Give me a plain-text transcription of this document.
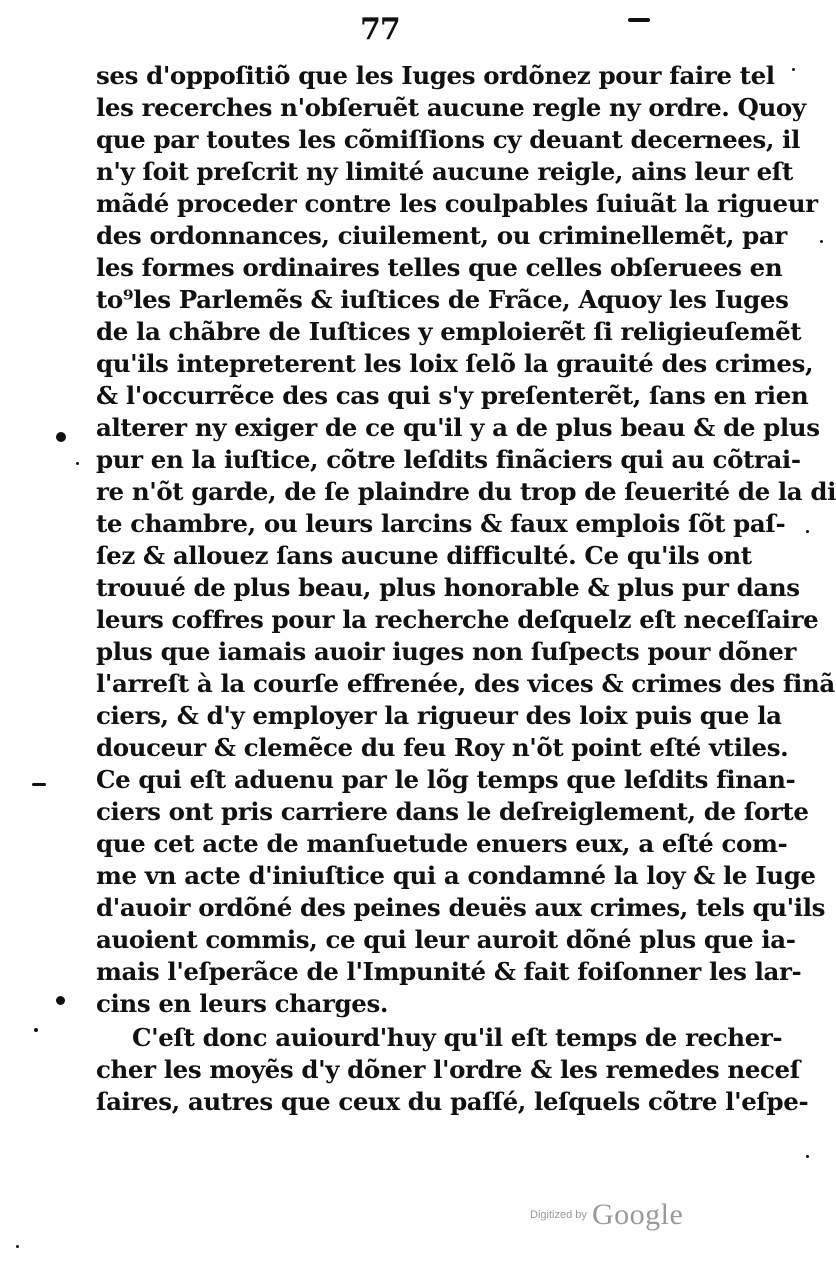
77
ses d'oppoſitiõ que les Iuges ordõnez pour faire tel
les recerches n'obſeruẽt aucune regle ny ordre. Quoy
que par toutes les cõmiſſions cy deuant decernees, il
n'y ſoit preſcrit ny limité aucune reigle, ains leur eſt
mãdé proceder contre les coulpables ſuiuãt la rigueur
des ordonnances, ciuilement, ou criminellemẽt, par
les formes ordinaires telles que celles obſeruees en
to⁹les Parlemẽs & iuſtices de Frãce, Aquoy les Iuges
de la chãbre de Iuſtices y emploierẽt ſi religieuſemẽt
qu'ils intepreterent les loix ſelõ la grauité des crimes,
& l'occurrẽce des cas qui s'y preſenterẽt, ſans en rien
alterer ny exiger de ce qu'il y a de plus beau & de plus
pur en la iuſtice, cõtre leſdits finãciers qui au cõtrai-
re n'õt garde, de ſe plaindre du trop de ſeuerité de la di
te chambre, ou leurs larcins & faux emplois ſõt paſ-
ſez & allouez ſans aucune difficulté. Ce qu'ils ont
trouué de plus beau, plus honorable & plus pur dans
leurs coffres pour la recherche deſquelz eſt neceſſaire
plus que iamais auoir iuges non ſuſpects pour dõner
l'arreſt à la courſe effrenée, des vices & crimes des finã
ciers, & d'y employer la rigueur des loix puis que la
douceur & clemẽce du feu Roy n'õt point eſté vtiles.
Ce qui eſt aduenu par le lõg temps que leſdits finan-
ciers ont pris carriere dans le deſreiglement, de ſorte
que cet acte de manſuetude enuers eux, a eſté com-
me vn acte d'iniuſtice qui a condamné la loy & le Iuge
d'auoir ordõné des peines deuës aux crimes, tels qu'ils
auoient commis, ce qui leur auroit dõné plus que ia-
mais l'eſperãce de l'Impunité & fait foiſonner les lar-
cins en leurs charges.
C'eſt donc auiourd'huy qu'il eſt temps de recher-
cher les moyẽs d'y dõner l'ordre & les remedes neceſ
ſaires, autres que ceux du paſſé, leſquels cõtre l'eſpe-
Digitized by Google
